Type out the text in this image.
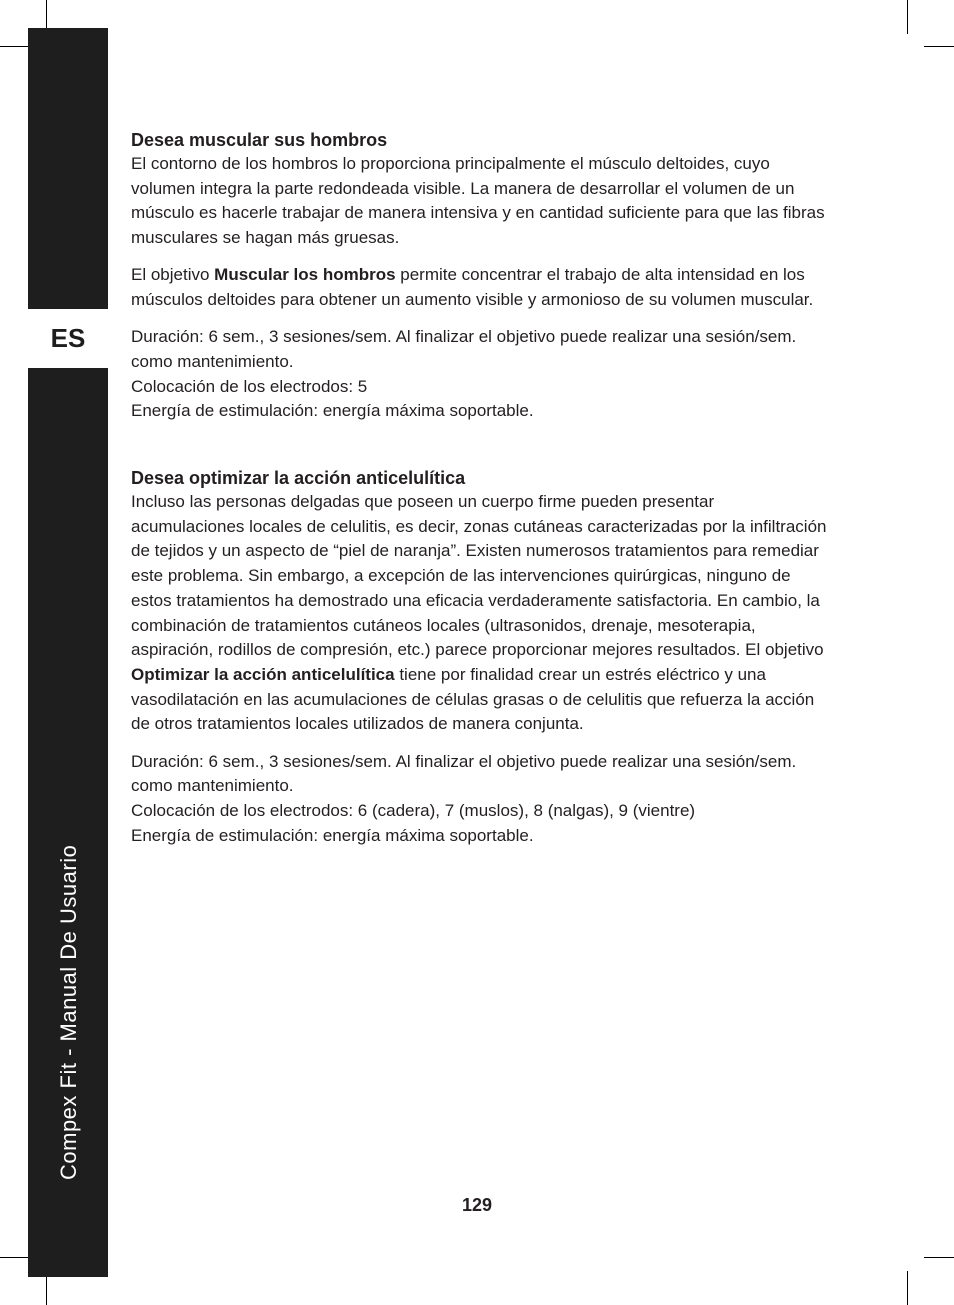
ES
Compex Fit - Manual De Usuario
Desea muscular sus hombros

El contorno de los hombros lo proporciona principalmente el músculo deltoides, cuyo volumen integra la parte redondeada visible. La manera de desarrollar el volumen de un músculo es hacerle trabajar de manera intensiva y en cantidad suficiente para que las fibras musculares se hagan más gruesas.

El objetivo Muscular los hombros permite concentrar el trabajo de alta intensidad en los músculos deltoides para obtener un aumento visible y armonioso de su volumen muscular.

Duración: 6 sem., 3 sesiones/sem. Al finalizar el objetivo puede realizar una sesión/sem. como mantenimiento.
Colocación de los electrodos: 5
Energía de estimulación: energía máxima soportable.

Desea optimizar la acción anticelulítica

Incluso las personas delgadas que poseen un cuerpo firme pueden presentar acumulaciones locales de celulitis, es decir, zonas cutáneas caracterizadas por la infiltración de tejidos y un aspecto de “piel de naranja”. Existen numerosos tratamientos para remediar este problema. Sin embargo, a excepción de las intervenciones quirúrgicas, ninguno de estos tratamientos ha demostrado una eficacia verdaderamente satisfactoria. En cambio, la combinación de tratamientos cutáneos locales (ultrasonidos, drenaje, mesoterapia, aspiración, rodillos de compresión, etc.) parece proporcionar mejores resultados. El objetivo Optimizar la acción anticelulítica tiene por finalidad crear un estrés eléctrico y una vasodilatación en las acumulaciones de células grasas o de celulitis que refuerza la acción de otros tratamientos locales utilizados de manera conjunta.

Duración: 6 sem., 3 sesiones/sem. Al finalizar el objetivo puede realizar una sesión/sem. como mantenimiento.
Colocación de los electrodos: 6 (cadera), 7 (muslos), 8 (nalgas), 9 (vientre)
Energía de estimulación: energía máxima soportable.

129
